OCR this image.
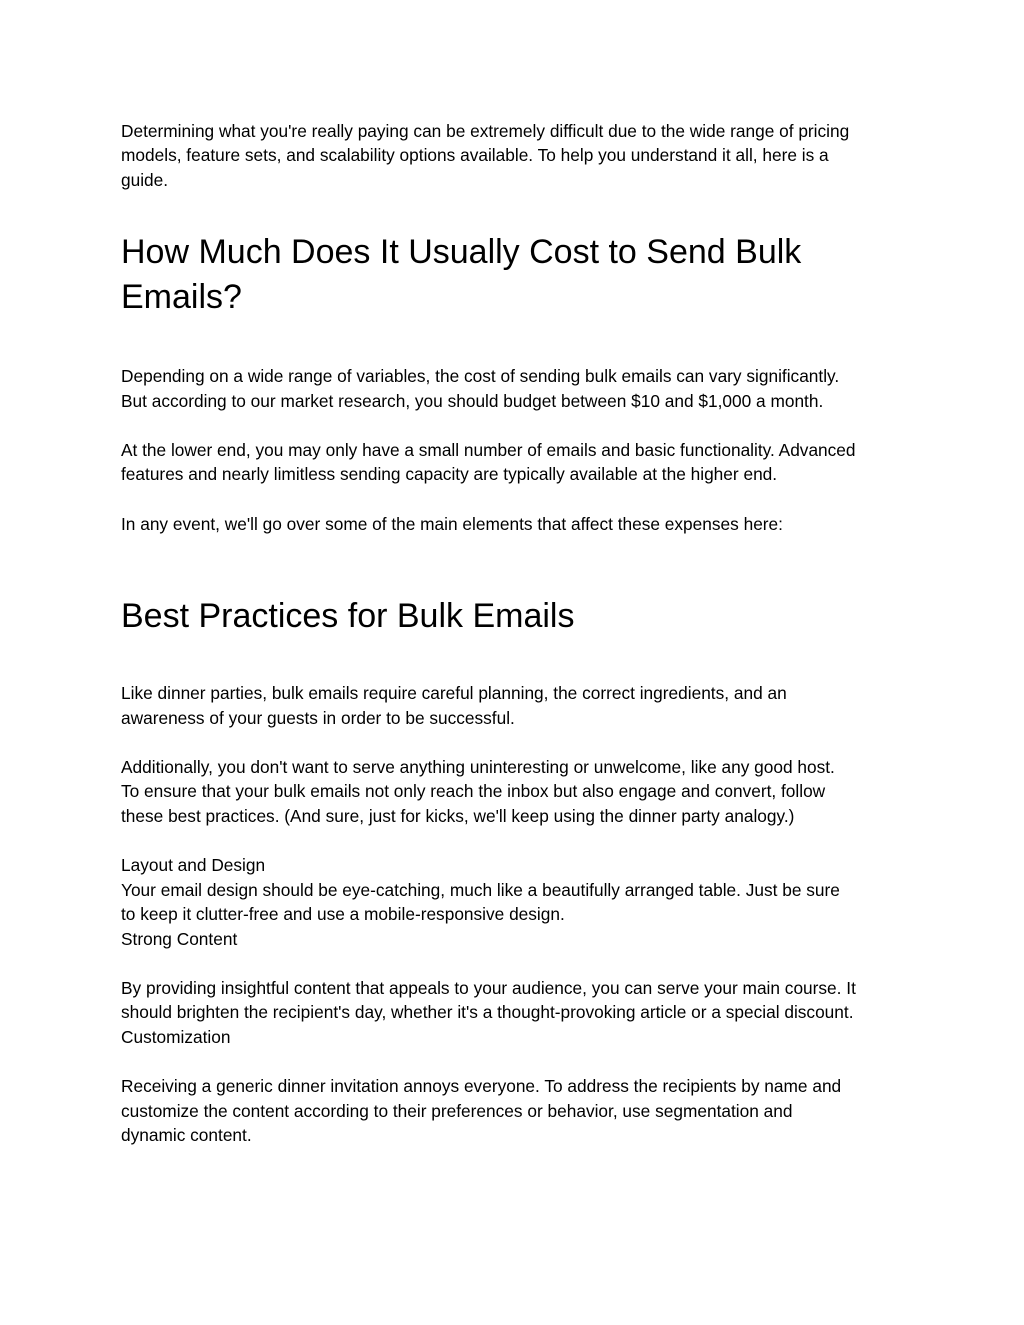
Determining what you're really paying can be extremely difficult due to the wide range of pricing
models, feature sets, and scalability options available. To help you understand it all, here is a
guide.

How Much Does It Usually Cost to Send Bulk
Emails?

Depending on a wide range of variables, the cost of sending bulk emails can vary significantly.
But according to our market research, you should budget between $10 and $1,000 a month.

At the lower end, you may only have a small number of emails and basic functionality. Advanced
features and nearly limitless sending capacity are typically available at the higher end.

In any event, we'll go over some of the main elements that affect these expenses here:

Best Practices for Bulk Emails

Like dinner parties, bulk emails require careful planning, the correct ingredients, and an
awareness of your guests in order to be successful.

Additionally, you don't want to serve anything uninteresting or unwelcome, like any good host.
To ensure that your bulk emails not only reach the inbox but also engage and convert, follow
these best practices. (And sure, just for kicks, we'll keep using the dinner party analogy.)

Layout and Design
Your email design should be eye-catching, much like a beautifully arranged table. Just be sure
to keep it clutter-free and use a mobile-responsive design.
Strong Content

By providing insightful content that appeals to your audience, you can serve your main course. It
should brighten the recipient's day, whether it's a thought-provoking article or a special discount.
Customization

Receiving a generic dinner invitation annoys everyone. To address the recipients by name and
customize the content according to their preferences or behavior, use segmentation and
dynamic content.
